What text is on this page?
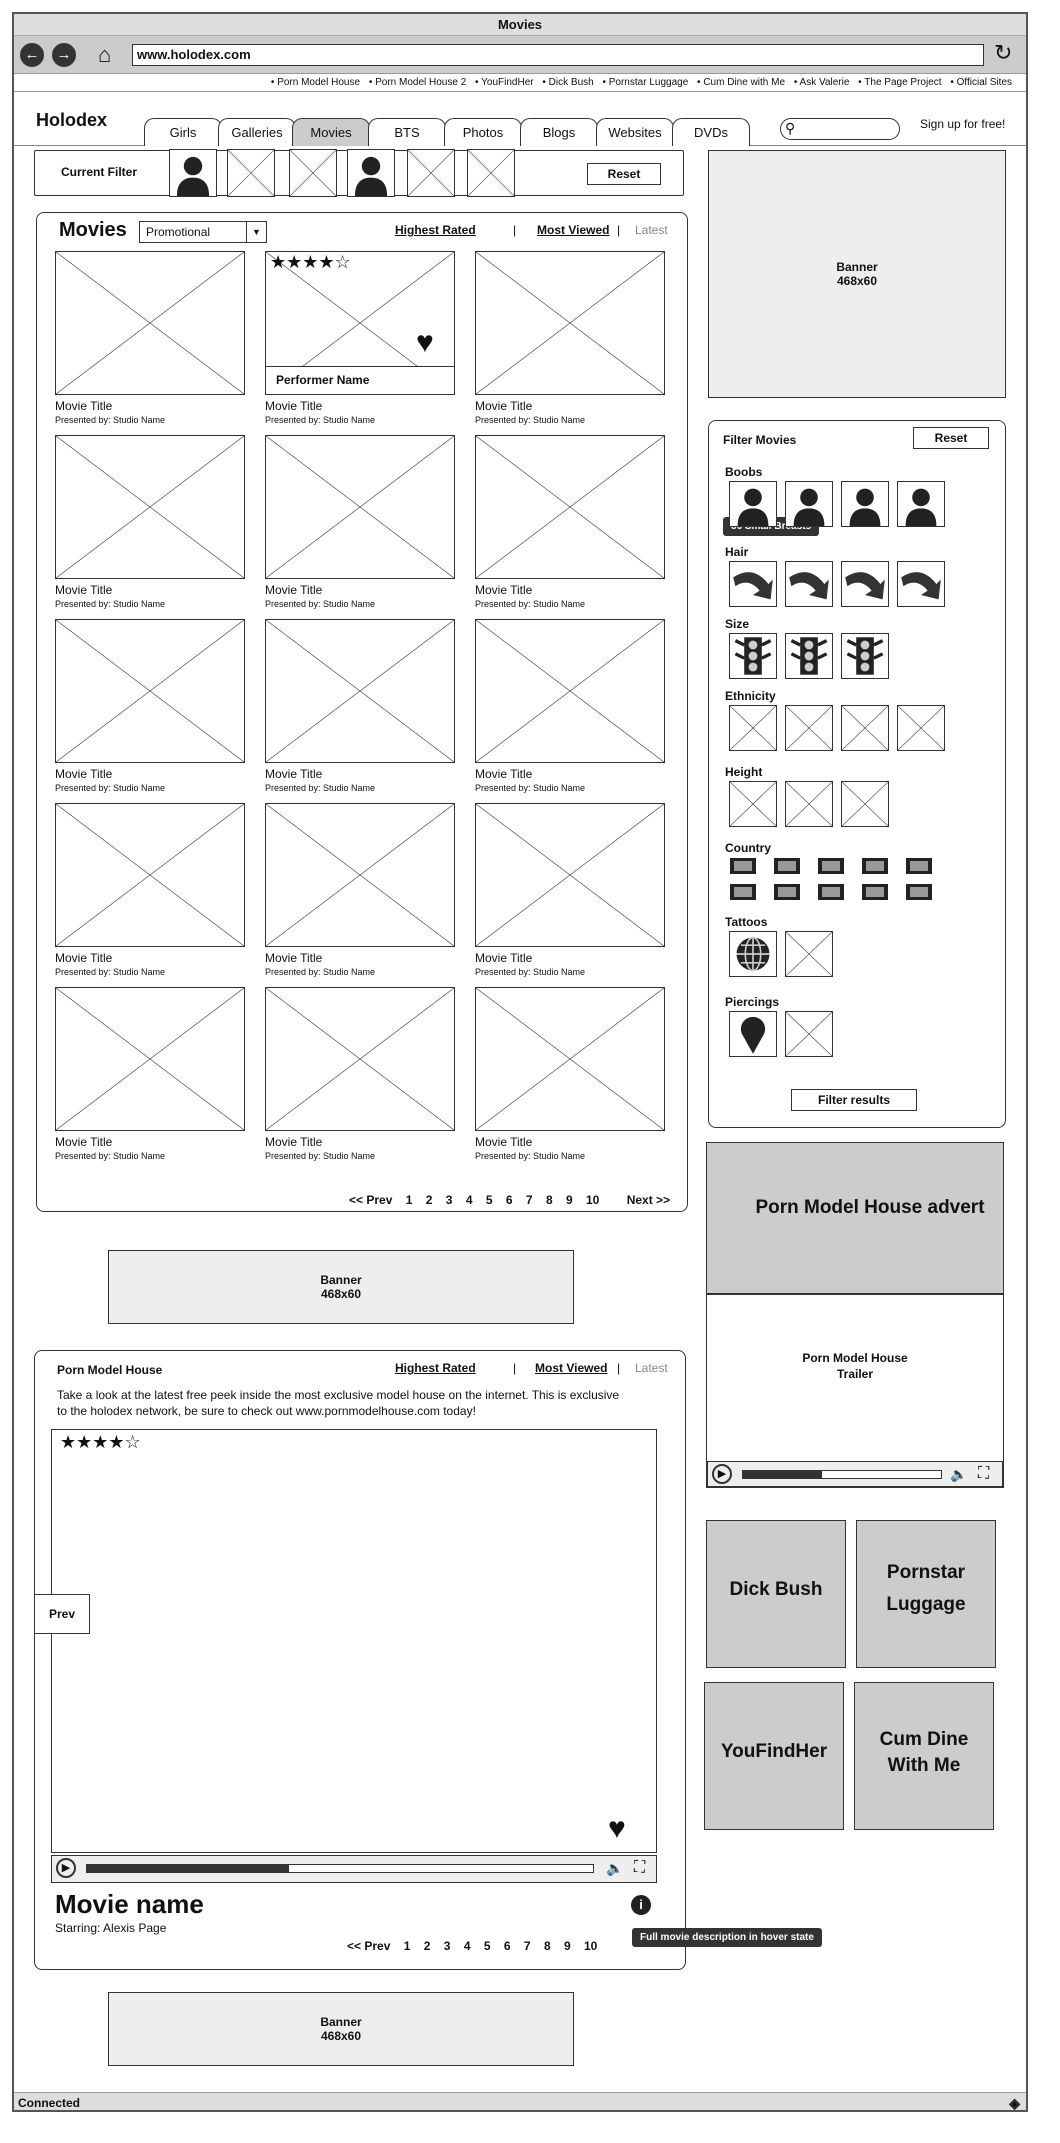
Movies
←	→ ⌂	www.holodex.com	↻
• Porn Model House • Porn Model House 2 • YouFindHer • Dick Bush • Pornstar Luggage • Cum Dine with Me • Ask Valerie • The Page Project • Official Sites
Holodex
Girls	Galleries	Movies	BTS	Photos	Blogs	Websites	DVDs	⚲	Sign up for free!
Current Filter	Reset
Movies	Promotional	▼	Highest Rated	| Most Viewed | Latest
<< Prev 1 2 3 4 5 6 7 8 9 10 Next >>
Movie Title
Presented by: Studio Name
★★★★☆
♥
Performer Name
Movie Title
Presented by: Studio Name
Movie Title
Presented by: Studio Name
Movie Title
Presented by: Studio Name
Movie Title
Presented by: Studio Name
Movie Title
Presented by: Studio Name
Movie Title
Presented by: Studio Name
Movie Title
Presented by: Studio Name
Movie Title
Presented by: Studio Name
Movie Title
Presented by: Studio Name
Movie Title
Presented by: Studio Name
Movie Title
Presented by: Studio Name
Movie Title
Presented by: Studio Name
Movie Title
Presented by: Studio Name
Movie Title
Presented by: Studio Name
Banner
468x60
Porn Model House	Highest Rated	| Most Viewed | Latest
Take a look at the latest free peek inside the most exclusive model house on the internet. This is exclusive to the holodex network, be sure to check out www.pornmodelhouse.com today!
★★★★☆
♥
▶	🔈 ⛶
Movie name
Starring: Alexis Page
i
<< Prev 1 2 3 4 5 6 7 8 9 10
Prev
Full movie description in hover state
Banner
468x60
Banner
468x60
Filter Movies	Reset
Filter results
Boobs
Hair
Size
Ethnicity
Height
Country
Tattoos
Piercings
Porn Model House advert
Porn Model House
Trailer
▶	🔈 ⛶
Dick Bush
Pornstar Luggage
YouFindHer
Cum Dine With Me
Connected	◈
